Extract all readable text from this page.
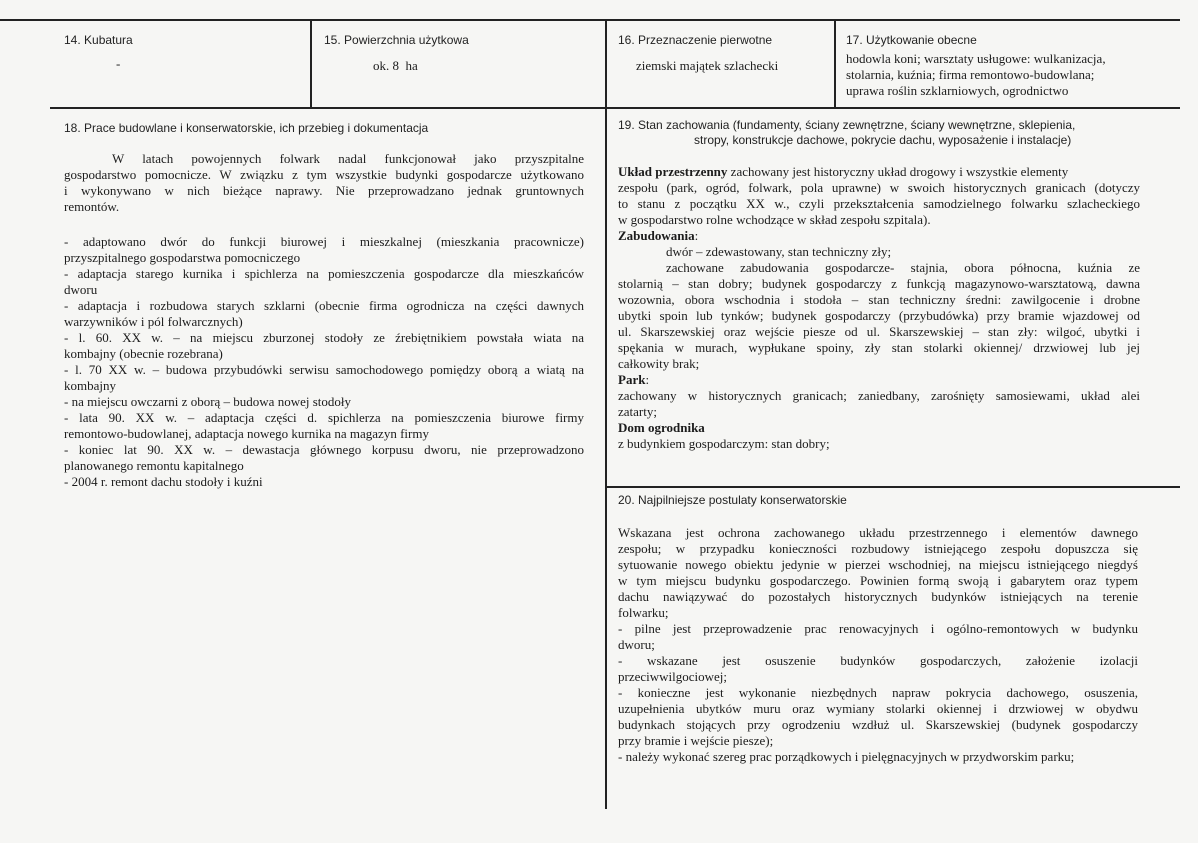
14. Kubatura
-
15. Powierzchnia użytkowa
ok. 8  ha
16. Przeznaczenie pierwotne
ziemski majątek szlachecki
17. Użytkowanie obecne

hodowla koni; warsztaty usługowe: wulkanizacja,

stolarnia, kuźnia; firma remontowo-budowlana;

uprawa roślin szklarniowych, ogrodnictwo

18. Prace budowlane i konserwatorskie, ich przebieg i dokumentacja

W latach powojennych folwark nadal funkcjonował jako przyszpitalne

gospodarstwo pomocnicze. W związku z tym wszystkie budynki gospodarcze użytkowano

i wykonywano w nich bieżące naprawy. Nie przeprowadzano jednak gruntownych

remontów.

- adaptowano dwór do funkcji biurowej i mieszkalnej (mieszkania pracownicze)

przyszpitalnego gospodarstwa pomocniczego

- adaptacja starego kurnika i spichlerza na pomieszczenia gospodarcze dla mieszkańców

dworu

- adaptacja i rozbudowa starych szklarni (obecnie firma ogrodnicza na części dawnych

warzywników i pól folwarcznych)

- l. 60. XX w. – na miejscu zburzonej stodoły ze źrebiętnikiem powstała wiata na

kombajny (obecnie rozebrana)

- l. 70 XX w. – budowa przybudówki serwisu samochodowego pomiędzy oborą a wiatą na

kombajny

- na miejscu owczarni z oborą – budowa nowej stodoły

- lata 90. XX w. – adaptacja części d. spichlerza na pomieszczenia biurowe firmy

remontowo-budowlanej, adaptacja nowego kurnika na magazyn firmy

- koniec lat 90. XX w. – dewastacja głównego korpusu dworu, nie przeprowadzono

planowanego remontu kapitalnego

- 2004 r. remont dachu stodoły i kuźni

19. Stan zachowania (fundamenty, ściany zewnętrzne, ściany wewnętrzne, sklepienia,
stropy, konstrukcje dachowe, pokrycie dachu, wyposażenie i instalacje)

Układ przestrzenny zachowany jest historyczny układ drogowy i wszystkie elementy

zespołu (park, ogród, folwark, pola uprawne) w swoich historycznych granicach (dotyczy

to stanu z początku XX w., czyli przekształcenia samodzielnego folwarku szlacheckiego

w gospodarstwo rolne wchodzące w skład zespołu szpitala).

Zabudowania:

dwór – zdewastowany, stan techniczny zły;

zachowane zabudowania gospodarcze- stajnia, obora północna, kuźnia ze

stolarnią – stan dobry; budynek gospodarczy z funkcją magazynowo-warsztatową, dawna

wozownia, obora wschodnia i stodoła – stan techniczny średni: zawilgocenie i drobne

ubytki spoin lub tynków; budynek gospodarczy (przybudówka) przy bramie wjazdowej od

ul. Skarszewskiej oraz wejście piesze od ul. Skarszewskiej – stan zły: wilgoć, ubytki i

spękania w murach, wypłukane spoiny, zły stan stolarki okiennej/ drzwiowej lub jej

całkowity brak;

Park:

zachowany w historycznych granicach; zaniedbany, zarośnięty samosiewami, układ alei

zatarty;

Dom ogrodnika

z budynkiem gospodarczym: stan dobry;

20. Najpilniejsze postulaty konserwatorskie

Wskazana jest ochrona zachowanego układu przestrzennego i elementów dawnego

zespołu; w przypadku konieczności rozbudowy istniejącego zespołu dopuszcza się

sytuowanie nowego obiektu jedynie w pierzei wschodniej, na miejscu istniejącego niegdyś

w tym miejscu budynku gospodarczego. Powinien formą swoją i gabarytem oraz typem

dachu nawiązywać do pozostałych historycznych budynków istniejących na terenie

folwarku;

- pilne jest przeprowadzenie prac renowacyjnych i ogólno-remontowych w budynku

dworu;

-      wskazane      jest      osuszenie      budynków      gospodarczych,      założenie      izolacji

przeciwwilgociowej;

- konieczne jest wykonanie niezbędnych napraw pokrycia dachowego, osuszenia,

uzupełnienia ubytków muru oraz wymiany stolarki okiennej i drzwiowej w obydwu

budynkach stojących przy ogrodzeniu wzdłuż ul. Skarszewskiej (budynek gospodarczy

przy bramie i wejście piesze);

- należy wykonać szereg prac porządkowych i pielęgnacyjnych w przydworskim parku;
